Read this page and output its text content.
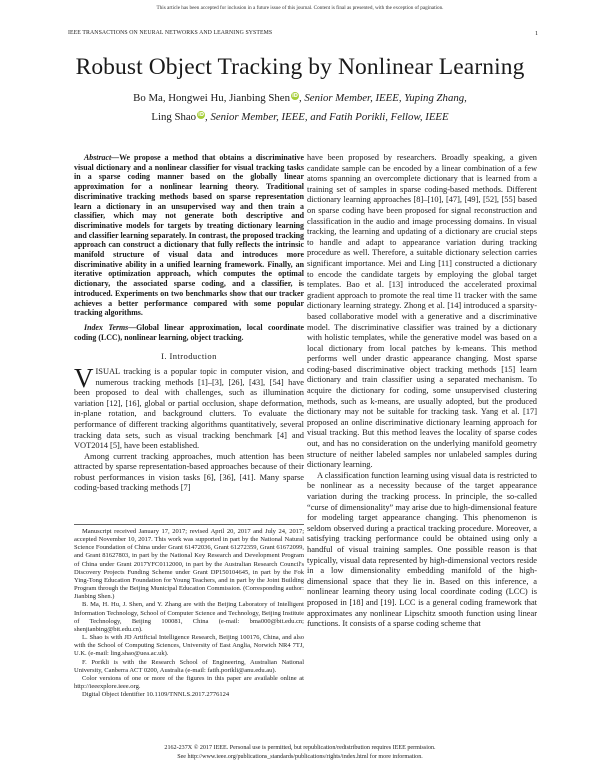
This article has been accepted for inclusion in a future issue of this journal. Content is final as presented, with the exception of pagination.
IEEE TRANSACTIONS ON NEURAL NETWORKS AND LEARNING SYSTEMS	1
Robust Object Tracking by Nonlinear Learning
Bo Ma, Hongwei Hu, Jianbing Shen iD, Senior Member, IEEE, Yuping Zhang,
Ling Shao iD, Senior Member, IEEE, and Fatih Porikli, Fellow, IEEE

Abstract—We propose a method that obtains a discriminative visual dictionary and a nonlinear classifier for visual tracking tasks in a sparse coding manner based on the globally linear approximation for a nonlinear learning theory. Traditional discriminative tracking methods based on sparse representation learn a dictionary in an unsupervised way and then train a classifier, which may not generate both descriptive and discriminative models for targets by treating dictionary learning and classifier learning separately. In contrast, the proposed tracking approach can construct a dictionary that fully reflects the intrinsic manifold structure of visual data and introduces more discriminative ability in a unified learning framework. Finally, an iterative optimization approach, which computes the optimal dictionary, the associated sparse coding, and a classifier, is introduced. Experiments on two benchmarks show that our tracker achieves a better performance compared with some popular tracking algorithms.

Index Terms—Global linear approximation, local coordinate coding (LCC), nonlinear learning, object tracking.

I. Introduction

VISUAL tracking is a popular topic in computer vision, and numerous tracking methods [1]–[3], [26], [43], [54] have been proposed to deal with challenges, such as illumination variation [12], [16], global or partial occlusion, shape deformation, in-plane rotation, and background clutters. To evaluate the performance of different tracking algorithms quantitatively, several tracking data sets, such as visual tracking benchmark [4] and VOT2014 [5], have been established.

Among current tracking approaches, much attention has been attracted by sparse representation-based approaches because of their robust performances in vision tasks [6], [36], [41]. Many sparse coding-based tracking methods [7]

Manuscript received January 17, 2017; revised April 20, 2017 and July 24, 2017; accepted November 10, 2017. This work was supported in part by the National Natural Science Foundation of China under Grant 61472036, Grant 61272359, Grant 61672099, and Grant 81627803, in part by the National Key Research and Development Program of China under Grant 2017YFC0112000, in part by the Australian Research Council's Discovery Projects Funding Scheme under Grant DP150104645, in part by the Fok Ying-Tong Education Foundation for Young Teachers, and in part by the Joint Building Program through the Beijing Municipal Education Commission. (Corresponding author: Jianbing Shen.)

B. Ma, H. Hu, J. Shen, and Y. Zhang are with the Beijing Laboratory of Intelligent Information Technology, School of Computer Science and Technology, Beijing Institute of Technology, Beijing 100081, China (e-mail: bma000@bit.edu.cn; shenjianbing@bit.edu.cn).

L. Shao is with JD Artificial Intelligence Research, Beijing 100176, China, and also with the School of Computing Sciences, University of East Anglia, Norwich NR4 7TJ, U.K. (e-mail: ling.shao@uea.ac.uk).

F. Porikli is with the Research School of Engineering, Australian National University, Canberra ACT 0200, Australia (e-mail: fatih.porikli@anu.edu.au).

Color versions of one or more of the figures in this paper are available online at http://ieeexplore.ieee.org.

Digital Object Identifier 10.1109/TNNLS.2017.2776124

have been proposed by researchers. Broadly speaking, a given candidate sample can be encoded by a linear combination of a few atoms spanning an overcomplete dictionary that is learned from a training set of samples in sparse coding-based methods. Different dictionary learning approaches [8]–[10], [47], [49], [52], [55] based on sparse coding have been proposed for signal reconstruction and classification in the audio and image processing domains. In visual tracking, the learning and updating of a dictionary are crucial steps to handle and adapt to appearance variation during tracking procedure as well. Therefore, a suitable dictionary selection carries significant importance. Mei and Ling [11] constructed a dictionary to encode the candidate targets by employing the global target templates. Bao et al. [13] introduced the accelerated proximal gradient approach to promote the real time l1 tracker with the same dictionary learning strategy. Zhong et al. [14] introduced a sparsity-based collaborative model with a generative and a discriminative model. The discriminative classifier was trained by a dictionary with holistic templates, while the generative model was based on a local dictionary from local patches by k-means. This method performs well under drastic appearance changing. Most sparse coding-based discriminative object tracking methods [15] learn dictionary and train classifier using a separated mechanism. To acquire the dictionary for coding, some unsupervised clustering methods, such as k-means, are usually adopted, but the produced dictionary may not be suitable for tracking task. Yang et al. [17] proposed an online discriminative dictionary learning approach for visual tracking. But this method leaves the locality of sparse codes out, and has no consideration on the underlying manifold geometry structure of neither labeled samples nor unlabeled samples during dictionary learning.

A classification function learning using visual data is restricted to be nonlinear as a necessity because of the target appearance variation during the tracking process. In principle, the so-called “curse of dimensionality” may arise due to high-dimensional feature for modeling target appearance changing. This phenomenon is seldom observed during a practical tracking procedure. Moreover, a satisfying tracking performance could be obtained using only a handful of visual training samples. One possible reason is that typically, visual data represented by high-dimensional vectors reside in a low dimensionality embedding manifold of the high-dimensional space that they lie in. Based on this inference, a nonlinear learning theory using local coordinate coding (LCC) is proposed in [18] and [19]. LCC is a general coding framework that approximates any nonlinear Lipschitz smooth function using linear functions. It consists of a sparse coding scheme that

2162-237X © 2017 IEEE. Personal use is permitted, but republication/redistribution requires IEEE permission.
See http://www.ieee.org/publications_standards/publications/rights/index.html for more information.
